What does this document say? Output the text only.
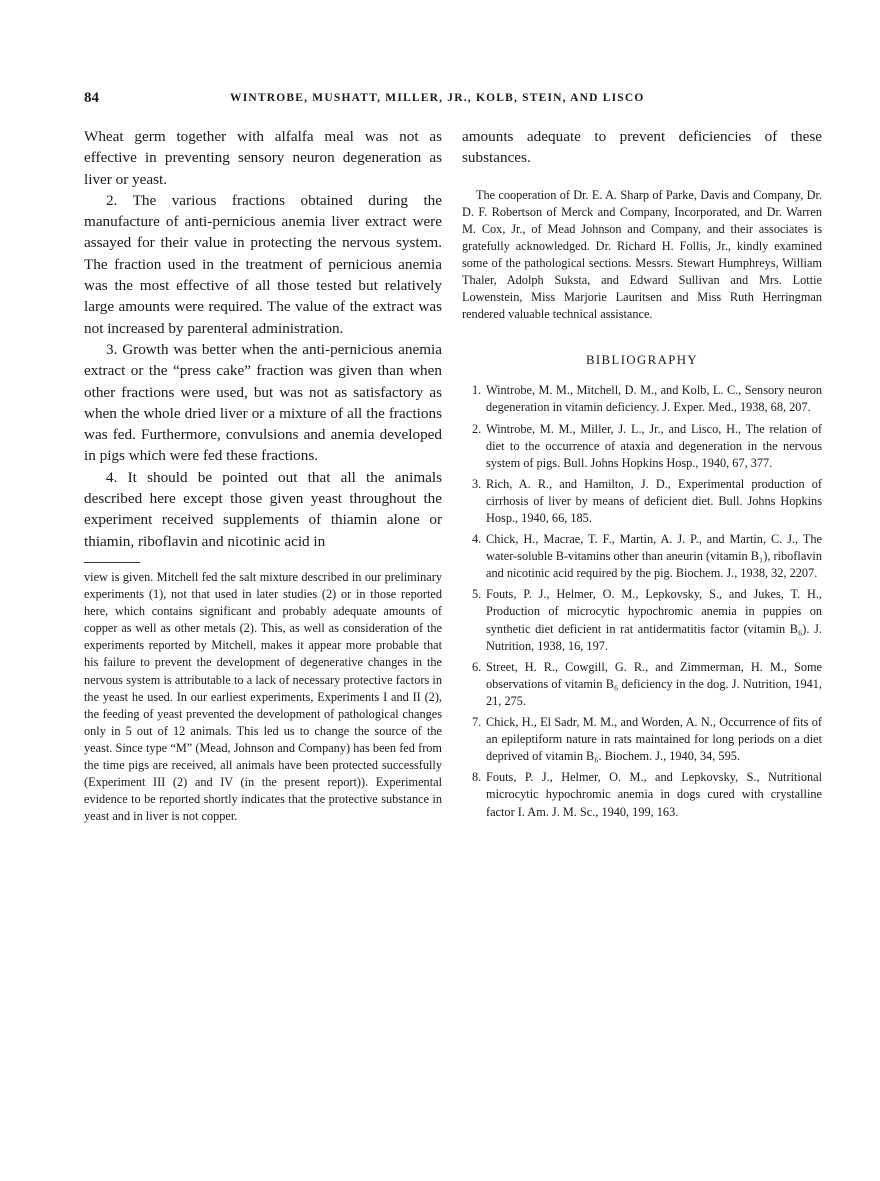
84	WINTROBE, MUSHATT, MILLER, JR., KOLB, STEIN, AND LISCO

Wheat germ together with alfalfa meal was not as effective in preventing sensory neuron degeneration as liver or yeast.

2. The various fractions obtained during the manufacture of anti-pernicious anemia liver extract were assayed for their value in protecting the nervous system. The fraction used in the treatment of pernicious anemia was the most effective of all those tested but relatively large amounts were required. The value of the extract was not increased by parenteral administration.

3. Growth was better when the anti-pernicious anemia extract or the “press cake” fraction was given than when other fractions were used, but was not as satisfactory as when the whole dried liver or a mixture of all the fractions was fed. Furthermore, convulsions and anemia developed in pigs which were fed these fractions.

4. It should be pointed out that all the animals described here except those given yeast throughout the experiment received supplements of thiamin alone or thiamin, riboflavin and nicotinic acid in

view is given. Mitchell fed the salt mixture described in our preliminary experiments (1), not that used in later studies (2) or in those reported here, which contains significant and probably adequate amounts of copper as well as other metals (2). This, as well as consideration of the experiments reported by Mitchell, makes it appear more probable that his failure to prevent the development of degenerative changes in the nervous system is attributable to a lack of necessary protective factors in the yeast he used. In our earliest experiments, Experiments I and II (2), the feeding of yeast prevented the development of pathological changes only in 5 out of 12 animals. This led us to change the source of the yeast. Since type “M” (Mead, Johnson and Company) has been fed from the time pigs are received, all animals have been protected successfully (Experiment III (2) and IV (in the present report)). Experimental evidence to be reported shortly indicates that the protective substance in yeast and in liver is not copper.

amounts adequate to prevent deficiencies of these substances.

The cooperation of Dr. E. A. Sharp of Parke, Davis and Company, Dr. D. F. Robertson of Merck and Company, Incorporated, and Dr. Warren M. Cox, Jr., of Mead Johnson and Company, and their associates is gratefully acknowledged. Dr. Richard H. Follis, Jr., kindly examined some of the pathological sections. Messrs. Stewart Humphreys, William Thaler, Adolph Suksta, and Edward Sullivan and Mrs. Lottie Lowenstein, Miss Marjorie Lauritsen and Miss Ruth Herringman rendered valuable technical assistance.

BIBLIOGRAPHY
1. Wintrobe, M. M., Mitchell, D. M., and Kolb, L. C., Sensory neuron degeneration in vitamin deficiency. J. Exper. Med., 1938, 68, 207.
2. Wintrobe, M. M., Miller, J. L., Jr., and Lisco, H., The relation of diet to the occurrence of ataxia and degeneration in the nervous system of pigs. Bull. Johns Hopkins Hosp., 1940, 67, 377.
3. Rich, A. R., and Hamilton, J. D., Experimental production of cirrhosis of liver by means of deficient diet. Bull. Johns Hopkins Hosp., 1940, 66, 185.
4. Chick, H., Macrae, T. F., Martin, A. J. P., and Martin, C. J., The water-soluble B-vitamins other than aneurin (vitamin B₁), riboflavin and nicotinic acid required by the pig. Biochem. J., 1938, 32, 2207.
5. Fouts, P. J., Helmer, O. M., Lepkovsky, S., and Jukes, T. H., Production of microcytic hypochromic anemia in puppies on synthetic diet deficient in rat antidermatitis factor (vitamin B₆). J. Nutrition, 1938, 16, 197.
6. Street, H. R., Cowgill, G. R., and Zimmerman, H. M., Some observations of vitamin B₆ deficiency in the dog. J. Nutrition, 1941, 21, 275.
7. Chick, H., El Sadr, M. M., and Worden, A. N., Occurrence of fits of an epileptiform nature in rats maintained for long periods on a diet deprived of vitamin B₆. Biochem. J., 1940, 34, 595.
8. Fouts, P. J., Helmer, O. M., and Lepkovsky, S., Nutritional microcytic hypochromic anemia in dogs cured with crystalline factor I. Am. J. M. Sc., 1940, 199, 163.
